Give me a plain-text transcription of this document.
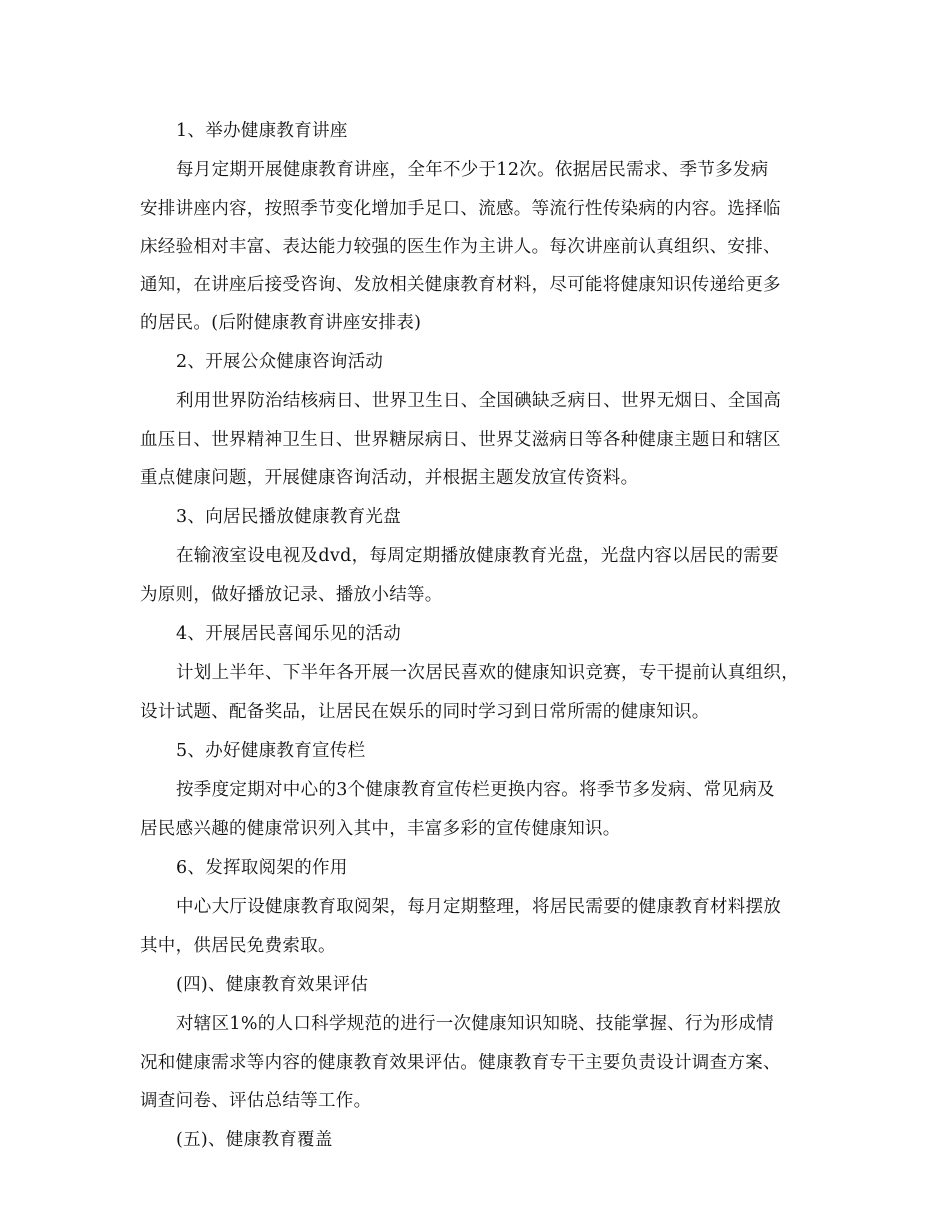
1、举办健康教育讲座

每月定期开展健康教育讲座，全年不少于12次。依据居民需求、季节多发病

安排讲座内容，按照季节变化增加手足口、流感。等流行性传染病的内容。选择临

床经验相对丰富、表达能力较强的医生作为主讲人。每次讲座前认真组织、安排、

通知，在讲座后接受咨询、发放相关健康教育材料，尽可能将健康知识传递给更多

的居民。(后附健康教育讲座安排表)

2、开展公众健康咨询活动

利用世界防治结核病日、世界卫生日、全国碘缺乏病日、世界无烟日、全国高

血压日、世界精神卫生日、世界糖尿病日、世界艾滋病日等各种健康主题日和辖区

重点健康问题，开展健康咨询活动，并根据主题发放宣传资料。

3、向居民播放健康教育光盘

在输液室设电视及dvd，每周定期播放健康教育光盘，光盘内容以居民的需要

为原则，做好播放记录、播放小结等。

4、开展居民喜闻乐见的活动

计划上半年、下半年各开展一次居民喜欢的健康知识竞赛，专干提前认真组织，

设计试题、配备奖品，让居民在娱乐的同时学习到日常所需的健康知识。

5、办好健康教育宣传栏

按季度定期对中心的3个健康教育宣传栏更换内容。将季节多发病、常见病及

居民感兴趣的健康常识列入其中，丰富多彩的宣传健康知识。

6、发挥取阅架的作用

中心大厅设健康教育取阅架，每月定期整理，将居民需要的健康教育材料摆放

其中，供居民免费索取。

(四)、健康教育效果评估

对辖区1%的人口科学规范的进行一次健康知识知晓、技能掌握、行为形成情

况和健康需求等内容的健康教育效果评估。健康教育专干主要负责设计调查方案、

调查问卷、评估总结等工作。

(五)、健康教育覆盖
